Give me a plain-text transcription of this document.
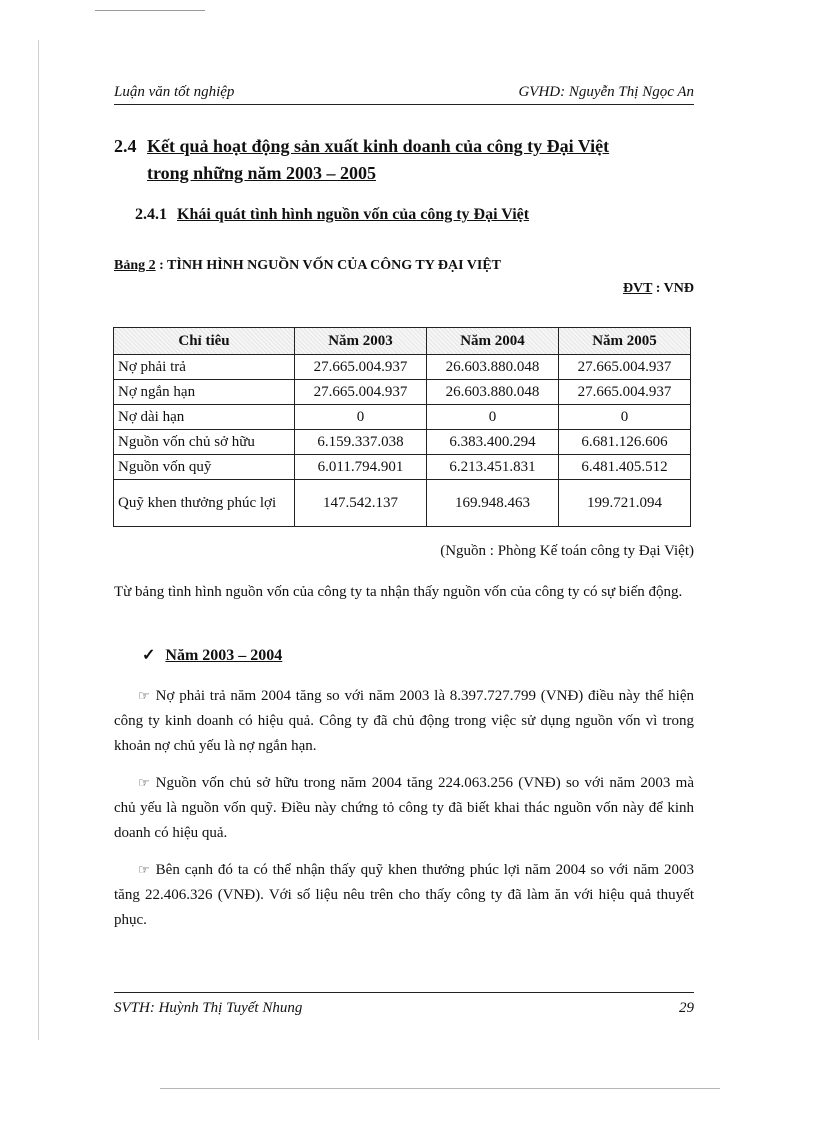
Luận văn tốt nghiệp	GVHD: Nguyễn Thị Ngọc An
2.4 Kết quả hoạt động sản xuất kinh doanh của công ty Đại Việt
trong những năm 2003 – 2005
2.4.1 Khái quát tình hình nguồn vốn của công ty Đại Việt
Bảng 2 : TÌNH HÌNH NGUỒN VỐN CỦA CÔNG TY ĐẠI VIỆT
ĐVT : VNĐ
Chỉ tiêu	Năm 2003	Năm 2004	Năm 2005
Nợ phải trả	27.665.004.937	26.603.880.048	27.665.004.937
Nợ ngắn hạn	27.665.004.937	26.603.880.048	27.665.004.937
Nợ dài hạn	0	0	0
Nguồn vốn chủ sở hữu	6.159.337.038	6.383.400.294	6.681.126.606
Nguồn vốn quỹ	6.011.794.901	6.213.451.831	6.481.405.512
Quỹ khen thưởng phúc lợi	147.542.137	169.948.463	199.721.094
(Nguồn : Phòng Kế toán công ty Đại Việt)
Từ bảng tình hình nguồn vốn của công ty ta nhận thấy nguồn vốn của công ty có sự biến động.
✓ Năm 2003 – 2004
☞ Nợ phải trả năm 2004 tăng so với năm 2003 là 8.397.727.799 (VNĐ) điều này thể hiện công ty kinh doanh có hiệu quả. Công ty đã chủ động trong việc sử dụng nguồn vốn vì trong khoản nợ chủ yếu là nợ ngắn hạn.
☞ Nguồn vốn chủ sở hữu trong năm 2004 tăng 224.063.256 (VNĐ) so với năm 2003 mà chủ yếu là nguồn vốn quỹ. Điều này chứng tỏ công ty đã biết khai thác nguồn vốn này để kinh doanh có hiệu quả.
☞ Bên cạnh đó ta có thể nhận thấy quỹ khen thưởng phúc lợi năm 2004 so với năm 2003 tăng 22.406.326 (VNĐ). Với số liệu nêu trên cho thấy công ty đã làm ăn với hiệu quả thuyết phục.
SVTH: Huỳnh Thị Tuyết Nhung	29
